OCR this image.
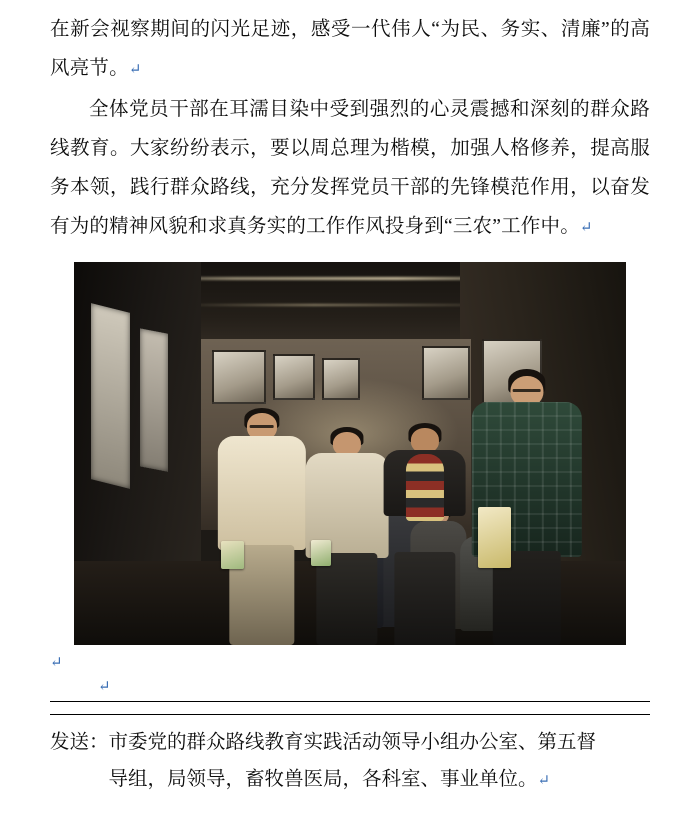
在新会视察期间的闪光足迹，感受一代伟人“为民、务实、清廉”的高风亮节。↵

全体党员干部在耳濡目染中受到强烈的心灵震撼和深刻的群众路线教育。大家纷纷表示，要以周总理为楷模，加强人格修养，提高服务本领，践行群众路线，充分发挥党员干部的先锋模范作用，以奋发有为的精神风貌和求真务实的工作作风投身到“三农”工作中。↵

↵
↵
发送：市委党的群众路线教育实践活动领导小组办公室、第五督
导组，局领导，畜牧兽医局，各科室、事业单位。↵
